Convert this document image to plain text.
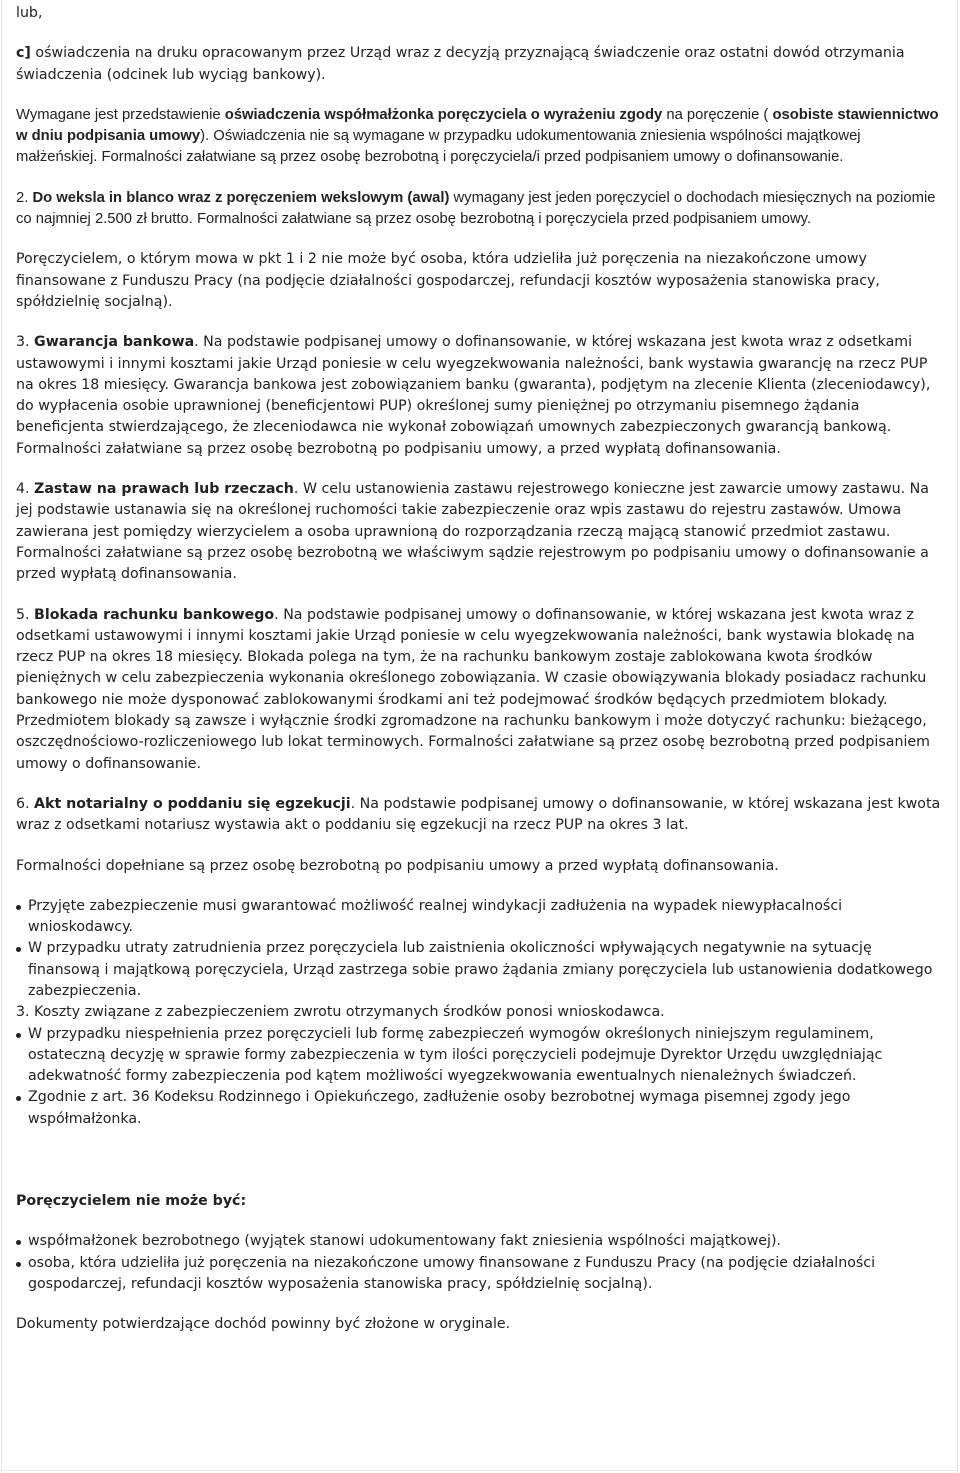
lub,

c] oświadczenia na druku opracowanym przez Urząd wraz z decyzją przyznającą świadczenie oraz ostatni dowód otrzymania świadczenia (odcinek lub wyciąg bankowy).

Wymagane jest przedstawienie oświadczenia współmałżonka poręczyciela o wyrażeniu zgody na poręczenie ( osobiste stawiennictwo w dniu podpisania umowy). Oświadczenia nie są wymagane w przypadku udokumentowania zniesienia wspólności majątkowej małżeńskiej. Formalności załatwiane są przez osobę bezrobotną i poręczyciela/i przed podpisaniem umowy o dofinansowanie.

2. Do weksla in blanco wraz z poręczeniem wekslowym (awal) wymagany jest jeden poręczyciel o dochodach miesięcznych na poziomie co najmniej 2.500 zł brutto. Formalności załatwiane są przez osobę bezrobotną i poręczyciela przed podpisaniem umowy.

Poręczycielem, o którym mowa w pkt 1 i 2 nie może być osoba, która udzieliła już poręczenia na niezakończone umowy finansowane z Funduszu Pracy (na podjęcie działalności gospodarczej, refundacji kosztów wyposażenia stanowiska pracy, spółdzielnię socjalną).

3. Gwarancja bankowa. Na podstawie podpisanej umowy o dofinansowanie, w której wskazana jest kwota wraz z odsetkami ustawowymi i innymi kosztami jakie Urząd poniesie w celu wyegzekwowania należności, bank wystawia gwarancję na rzecz PUP na okres 18 miesięcy. Gwarancja bankowa jest zobowiązaniem banku (gwaranta), podjętym na zlecenie Klienta (zleceniodawcy), do wypłacenia osobie uprawnionej (beneficjentowi PUP) określonej sumy pieniężnej po otrzymaniu pisemnego żądania beneficjenta stwierdzającego, że zleceniodawca nie wykonał zobowiązań umownych zabezpieczonych gwarancją bankową. Formalności załatwiane są przez osobę bezrobotną po podpisaniu umowy, a przed wypłatą dofinansowania.

4. Zastaw na prawach lub rzeczach. W celu ustanowienia zastawu rejestrowego konieczne jest zawarcie umowy zastawu. Na jej podstawie ustanawia się na określonej ruchomości takie zabezpieczenie oraz wpis zastawu do rejestru zastawów. Umowa zawierana jest pomiędzy wierzycielem a osoba uprawnioną do rozporządzania rzeczą mającą stanowić przedmiot zastawu. Formalności załatwiane są przez osobę bezrobotną we właściwym sądzie rejestrowym po podpisaniu umowy o dofinansowanie a przed wypłatą dofinansowania.

5. Blokada rachunku bankowego. Na podstawie podpisanej umowy o dofinansowanie, w której wskazana jest kwota wraz z odsetkami ustawowymi i innymi kosztami jakie Urząd poniesie w celu wyegzekwowania należności, bank wystawia blokadę na rzecz PUP na okres 18 miesięcy. Blokada polega na tym, że na rachunku bankowym zostaje zablokowana kwota środków pieniężnych w celu zabezpieczenia wykonania określonego zobowiązania. W czasie obowiązywania blokady posiadacz rachunku bankowego nie może dysponować zablokowanymi środkami ani też podejmować środków będących przedmiotem blokady. Przedmiotem blokady są zawsze i wyłącznie środki zgromadzone na rachunku bankowym i może dotyczyć rachunku: bieżącego, oszczędnościowo-rozliczeniowego lub lokat terminowych. Formalności załatwiane są przez osobę bezrobotną przed podpisaniem umowy o dofinansowanie.

6. Akt notarialny o poddaniu się egzekucji. Na podstawie podpisanej umowy o dofinansowanie, w której wskazana jest kwota wraz z odsetkami notariusz wystawia akt o poddaniu się egzekucji na rzecz PUP na okres 3 lat.

Formalności dopełniane są przez osobę bezrobotną po podpisaniu umowy a przed wypłatą dofinansowania.

Przyjęte zabezpieczenie musi gwarantować możliwość realnej windykacji zadłużenia na wypadek niewypłacalności wnioskodawcy.
W przypadku utraty zatrudnienia przez poręczyciela lub zaistnienia okoliczności wpływających negatywnie na sytuację finansową i majątkową poręczyciela, Urząd zastrzega sobie prawo żądania zmiany poręczyciela lub ustanowienia dodatkowego zabezpieczenia.
3. Koszty związane z zabezpieczeniem zwrotu otrzymanych środków ponosi wnioskodawca.
W przypadku niespełnienia przez poręczycieli lub formę zabezpieczeń wymogów określonych niniejszym regulaminem, ostateczną decyzję w sprawie formy zabezpieczenia w tym ilości poręczycieli podejmuje Dyrektor Urzędu uwzględniając adekwatność formy zabezpieczenia pod kątem możliwości wyegzekwowania ewentualnych nienależnych świadczeń.
Zgodnie z art. 36 Kodeksu Rodzinnego i Opiekuńczego, zadłużenie osoby bezrobotnej wymaga pisemnej zgody jego współmałżonka.

Poręczycielem nie może być:

współmałżonek bezrobotnego (wyjątek stanowi udokumentowany fakt zniesienia wspólności majątkowej).
osoba, która udzieliła już poręczenia na niezakończone umowy finansowane z Funduszu Pracy (na podjęcie działalności gospodarczej, refundacji kosztów wyposażenia stanowiska pracy, spółdzielnię socjalną).

Dokumenty potwierdzające dochód powinny być złożone w oryginale.
